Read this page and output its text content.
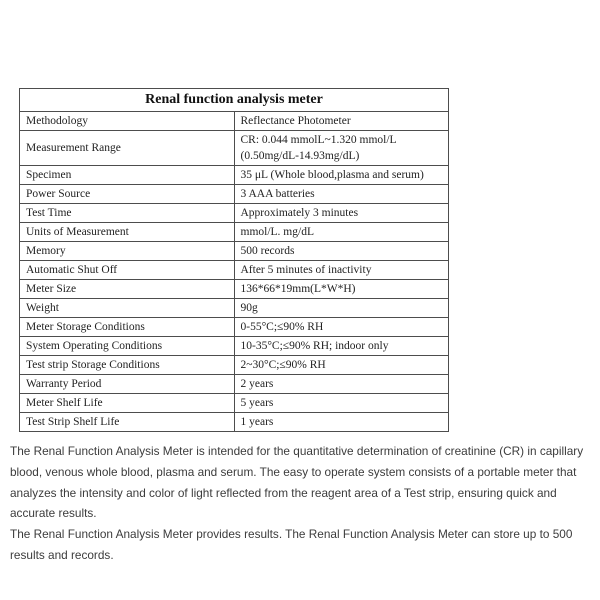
Renal function analysis meter	
Methodology	Reflectance Photometer

Measurement Range	CR: 0.044 mmolL~1.320 mmol/L
(0.50mg/dL-14.93mg/dL)

Specimen	35 μL (Whole blood,plasma and serum)

Power Source	3 AAA batteries

Test Time	Approximately 3 minutes

Units of Measurement	mmol/L. mg/dL

Memory	500 records

Automatic Shut Off	After 5 minutes of inactivity

Meter Size	136*66*19mm(L*W*H)

Weight	90g

Meter Storage Conditions	0-55°C;≤90% RH

System Operating Conditions	10-35°C;≤90% RH; indoor only

Test strip Storage Conditions	2~30°C;≤90% RH

Warranty Period	2 years

Meter Shelf Life	5 years

Test Strip Shelf Life	1 years

The Renal Function Analysis Meter is intended for the quantitative determination of creatinine (CR) in capillary blood, venous whole blood, plasma and serum. The easy to operate system consists of a portable meter that analyzes the intensity and color of light reflected from the reagent area of a Test strip, ensuring quick and accurate results.

The Renal Function Analysis Meter provides results. The Renal Function Analysis Meter can store up to 500 results and records.
